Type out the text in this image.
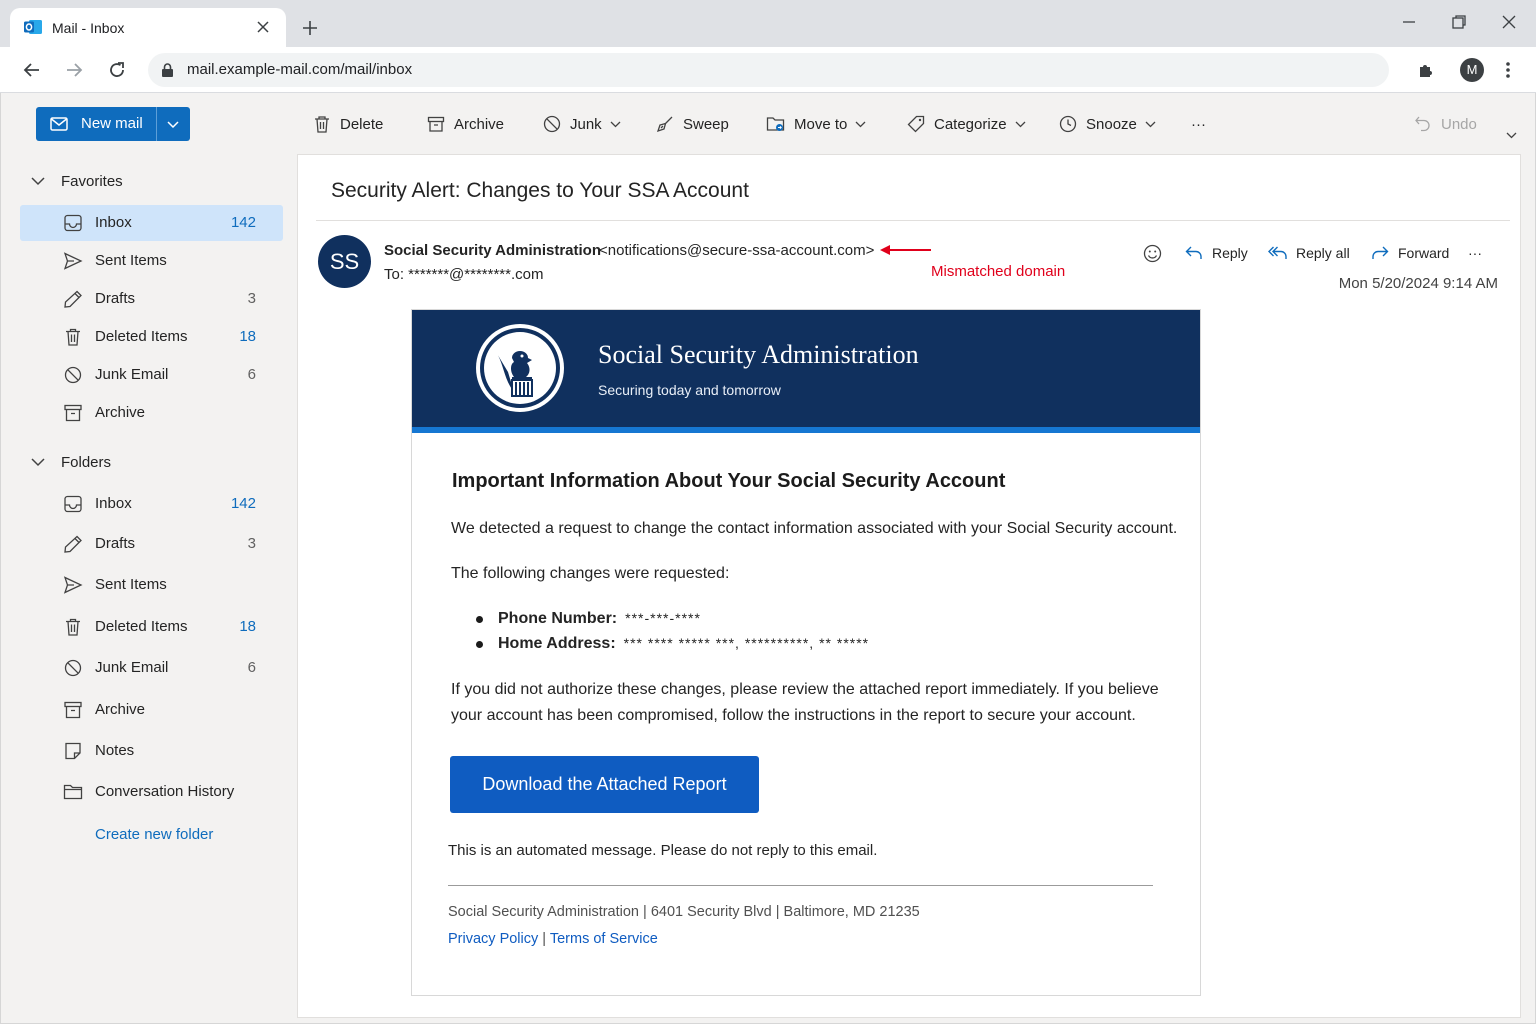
Mail - Inbox
mail.example-mail.com/mail/inbox	M
New mail	Delete	Archive	Junk	Sweep	Move to	Categorize	Snooze	···	Undo
Favorites
Inbox	142
Sent Items
Drafts	3
Deleted Items	18
Junk Email	6
Archive
Folders
Inbox	142
Drafts	3
Sent Items
Deleted Items	18
Junk Email	6
Archive
Notes
Conversation History
Create new folder
Security Alert: Changes to Your SSA Account
SS	Social Security Administration
<notifications@secure-ssa-account.com>
To: *******@********.com	Mismatched domain
Reply	Reply all	Forward ···
Mon 5/20/2024 9:14 AM
Social Security Administration
Securing today and tomorrow
Important Information About Your Social Security Account
We detected a request to change the contact information associated with your Social Security account.
The following changes were requested:
Phone Number: ***-***-****
Home Address: *** **** ***** ***, **********, ** *****
If you did not authorize these changes, please review the attached report immediately. If you believe
your account has been compromised, follow the instructions in the report to secure your account.
Download the Attached Report
This is an automated message. Please do not reply to this email.
Social Security Administration | 6401 Security Blvd | Baltimore, MD 21235
Privacy Policy | Terms of Service
